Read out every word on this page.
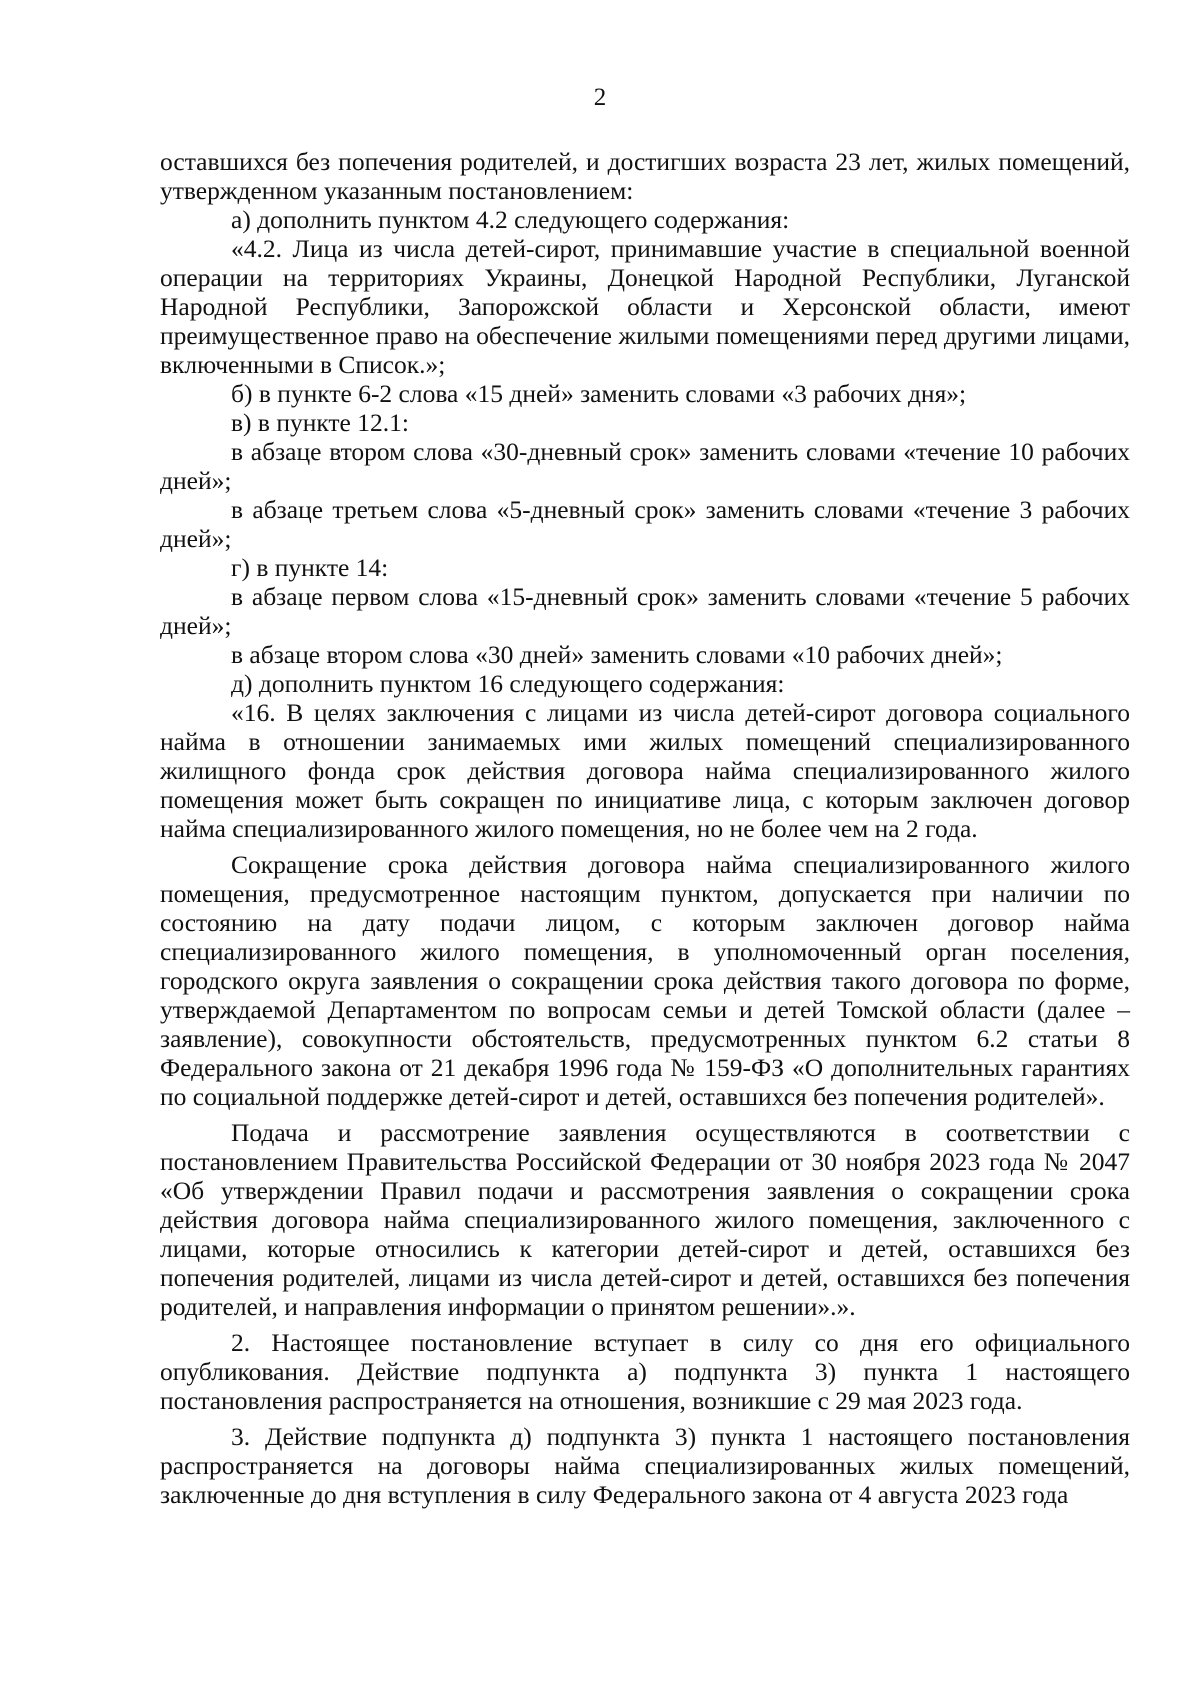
2

оставшихся без попечения родителей, и достигших возраста 23 лет, жилых помещений, утвержденном указанным постановлением:

а) дополнить пунктом 4.2 следующего содержания:

«4.2. Лица из числа детей-сирот, принимавшие участие в специальной военной операции на территориях Украины, Донецкой Народной Республики, Луганской Народной Республики, Запорожской области и Херсонской области, имеют преимущественное право на обеспечение жилыми помещениями перед другими лицами, включенными в Список.»;

б) в пункте 6-2 слова «15 дней» заменить словами «3 рабочих дня»;

в) в пункте 12.1:

в абзаце втором слова «30-дневный срок» заменить словами «течение 10 рабочих дней»;

в абзаце третьем слова «5-дневный срок» заменить словами «течение 3 рабочих дней»;

г) в пункте 14:

в абзаце первом слова «15-дневный срок» заменить словами «течение 5 рабочих дней»;

в абзаце втором слова «30 дней» заменить словами «10 рабочих дней»;

д) дополнить пунктом 16 следующего содержания:

«16. В целях заключения с лицами из числа детей-сирот договора социального найма в отношении занимаемых ими жилых помещений специализированного жилищного фонда срок действия договора найма специализированного жилого помещения может быть сокращен по инициативе лица, с которым заключен договор найма специализированного жилого помещения, но не более чем на 2 года.

Сокращение срока действия договора найма специализированного жилого помещения, предусмотренное настоящим пунктом, допускается при наличии по состоянию на дату подачи лицом, с которым заключен договор найма специализированного жилого помещения, в уполномоченный орган поселения, городского округа заявления о сокращении срока действия такого договора по форме, утверждаемой Департаментом по вопросам семьи и детей Томской области (далее – заявление), совокупности обстоятельств, предусмотренных пунктом 6.2 статьи 8 Федерального закона от 21 декабря 1996 года № 159-ФЗ «О дополнительных гарантиях по социальной поддержке детей-сирот и детей, оставшихся без попечения родителей».

Подача и рассмотрение заявления осуществляются в соответствии с постановлением Правительства Российской Федерации от 30 ноября 2023 года № 2047 «Об утверждении Правил подачи и рассмотрения заявления о сокращении срока действия договора найма специализированного жилого помещения, заключенного с лицами, которые относились к категории детей-сирот и детей, оставшихся без попечения родителей, лицами из числа детей-сирот и детей, оставшихся без попечения родителей, и направления информации о принятом решении».».

2. Настоящее постановление вступает в силу со дня его официального опубликования. Действие подпункта а) подпункта 3) пункта 1 настоящего постановления распространяется на отношения, возникшие с 29 мая 2023 года.

3. Действие подпункта д) подпункта 3) пункта 1 настоящего постановления распространяется на договоры найма специализированных жилых помещений, заключенные до дня вступления в силу Федерального закона от 4 августа 2023 года
